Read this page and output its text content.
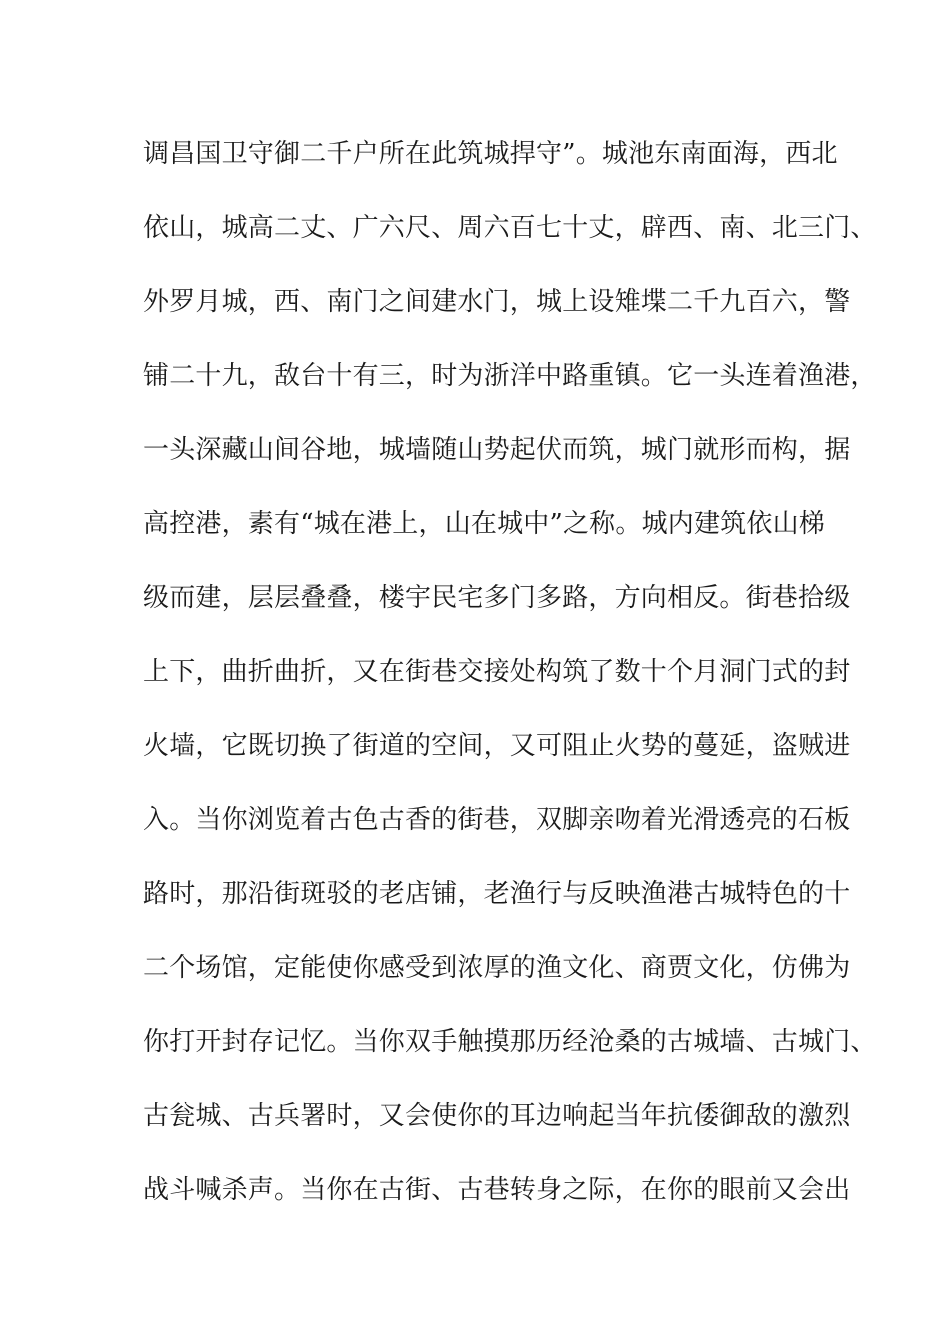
调昌国卫守御二千户所在此筑城捍守”。城池东南面海，西北
依山，城高二丈、广六尺、周六百七十丈，辟西、南、北三门、
外罗月城，西、南门之间建水门，城上设雉堞二千九百六，警
铺二十九，敌台十有三，时为浙洋中路重镇。它一头连着渔港，
一头深藏山间谷地，城墙随山势起伏而筑，城门就形而构，据
高控港，素有“城在港上，山在城中”之称。城内建筑依山梯
级而建，层层叠叠，楼宇民宅多门多路，方向相反。街巷拾级
上下，曲折曲折，又在街巷交接处构筑了数十个月洞门式的封
火墙，它既切换了街道的空间，又可阻止火势的蔓延，盗贼进
入。当你浏览着古色古香的街巷，双脚亲吻着光滑透亮的石板
路时，那沿街斑驳的老店铺，老渔行与反映渔港古城特色的十
二个场馆，定能使你感受到浓厚的渔文化、商贾文化，仿佛为
你打开封存记忆。当你双手触摸那历经沧桑的古城墙、古城门、
古瓮城、古兵署时，又会使你的耳边响起当年抗倭御敌的激烈
战斗喊杀声。当你在古街、古巷转身之际，在你的眼前又会出
